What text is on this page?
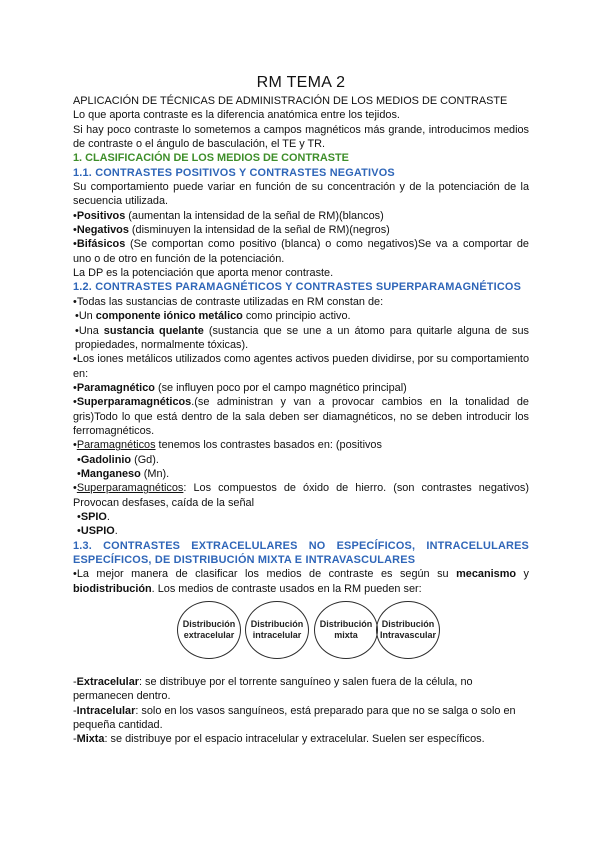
RM TEMA 2
APLICACIÓN DE TÉCNICAS DE ADMINISTRACIÓN DE LOS MEDIOS DE CONTRASTE
Lo que aporta contraste es la diferencia anatómica entre los tejidos.
Si hay poco contraste lo sometemos a campos magnéticos más grande, introducimos medios de contraste o el ángulo de basculación, el TE y TR.
1. CLASIFICACIÓN DE LOS MEDIOS DE CONTRASTE
1.1. CONTRASTES POSITIVOS Y CONTRASTES NEGATIVOS
Su comportamiento puede variar en función de su concentración y de la potenciación de la secuencia utilizada.
•Positivos (aumentan la intensidad de la señal de RM)(blancos)
•Negativos (disminuyen la intensidad de la señal de RM)(negros)
•Bifásicos (Se comportan como positivo (blanca) o como negativos)Se va a comportar de uno o de otro en función de la potenciación.
La DP es la potenciación que aporta menor contraste.
1.2. CONTRASTES PARAMAGNÉTICOS Y CONTRASTES SUPERPARAMAGNÉTICOS
•Todas las sustancias de contraste utilizadas en RM constan de:
•Un componente iónico metálico como principio activo.
•Una sustancia quelante (sustancia que se une a un átomo para quitarle alguna de sus propiedades, normalmente tóxicas).
•Los iones metálicos utilizados como agentes activos pueden dividirse, por su comportamiento en:
•Paramagnético (se influyen poco por el campo magnético principal)
•Superparamagnéticos.(se administran y van a provocar cambios en la tonalidad de gris)Todo lo que está dentro de la sala deben ser diamagnéticos, no se deben introducir los ferromagnéticos.
•Paramagnéticos tenemos los contrastes basados en: (positivos
•Gadolinio (Gd).
•Manganeso (Mn).
•Superparamagnéticos: Los compuestos de óxido de hierro. (son contrastes negativos) Provocan desfases, caída de la señal
•SPIO.
•USPIO.
1.3. CONTRASTES EXTRACELULARES NO ESPECÍFICOS, INTRACELULARES ESPECÍFICOS, DE DISTRIBUCIÓN MIXTA E INTRAVASCULARES
•La mejor manera de clasificar los medios de contraste es según su mecanismo y biodistribución. Los medios de contraste usados en la RM pueden ser:
Distribución extracelular
Distribución intracelular
Distribución mixta
Distribución Intravascular
-Extracelular: se distribuye por el torrente sanguíneo y salen fuera de la célula, no permanecen dentro.
-Intracelular: solo en los vasos sanguíneos, está preparado para que no se salga o solo en pequeña cantidad.
-Mixta: se distribuye por el espacio intracelular y extracelular. Suelen ser específicos.
